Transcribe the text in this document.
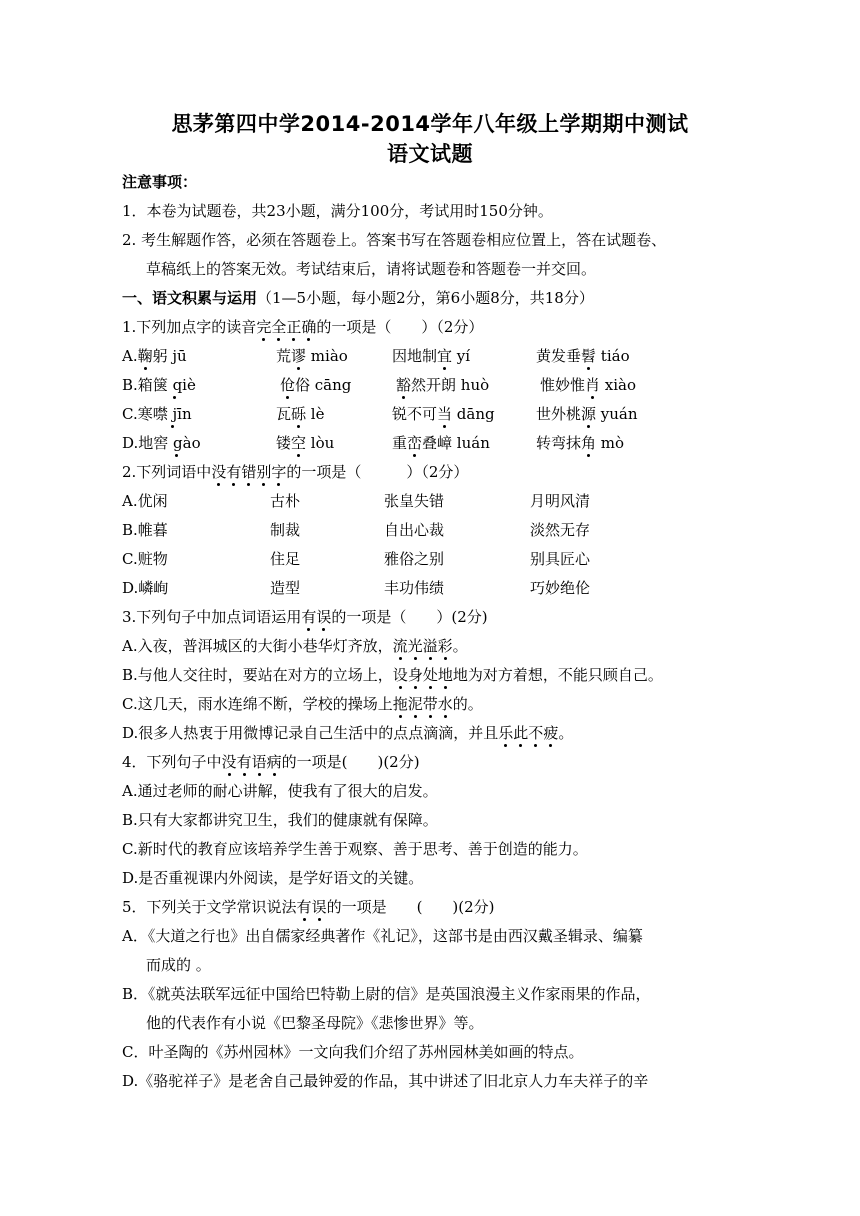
思茅第四中学2014-2014学年八年级上学期期中测试
语文试题
注意事项：
1．本卷为试题卷，共23小题，满分100分，考试用时150分钟。
2. 考生解题作答，必须在答题卷上。答案书写在答题卷相应位置上，答在试题卷、
草稿纸上的答案无效。考试结束后，请将试题卷和答题卷一并交回。
一、语文积累与运用（1—5小题，每小题2分，第6小题8分，共18分）
1.下列加点字的读音完全正确的一项是（　　）（2分）
A.鞠躬 jū	荒谬 miào	因地制宜 yí	黄发垂髫 tiáo
B.箱箧 qiè	伧俗 cāng	豁然开朗 huò	惟妙惟肖 xiào
C.寒噤 jīn	瓦砾 lè	锐不可当 dāng	世外桃源 yuán
D.地窖 gào	镂空 lòu	重峦叠嶂 luán	转弯抹角 mò
2.下列词语中没有错别字的一项是（　　　）（2分）
A.优闲	古朴	张皇失错	月明风清
B.帷暮	制裁	自出心裁	淡然无存
C.赃物	住足	雅俗之别	别具匠心
D.嶙峋	造型	丰功伟绩	巧妙绝伦
3.下列句子中加点词语运用有误的一项是（　　）(2分)
A.入夜，普洱城区的大街小巷华灯齐放，流光溢彩。
B.与他人交往时，要站在对方的立场上，设身处地地为对方着想，不能只顾自己。
C.这几天，雨水连绵不断，学校的操场上拖泥带水的。
D.很多人热衷于用微博记录自己生活中的点点滴滴，并且乐此不疲。
4．下列句子中没有语病的一项是(　　)(2分)
A.通过老师的耐心讲解，使我有了很大的启发。
B.只有大家都讲究卫生，我们的健康就有保障。
C.新时代的教育应该培养学生善于观察、善于思考、善于创造的能力。
D.是否重视课内外阅读，是学好语文的关键。
5．下列关于文学常识说法有误的一项是　　(　　)(2分)
A．《大道之行也》出自儒家经典著作《礼记》，这部书是由西汉戴圣辑录、编纂
而成的 。
B．《就英法联军远征中国给巴特勒上尉的信》是英国浪漫主义作家雨果的作品，
他的代表作有小说《巴黎圣母院》《悲惨世界》等。
C．叶圣陶的《苏州园林》一文向我们介绍了苏州园林美如画的特点。
D.《骆驼祥子》是老舍自己最钟爱的作品，其中讲述了旧北京人力车夫祥子的辛
